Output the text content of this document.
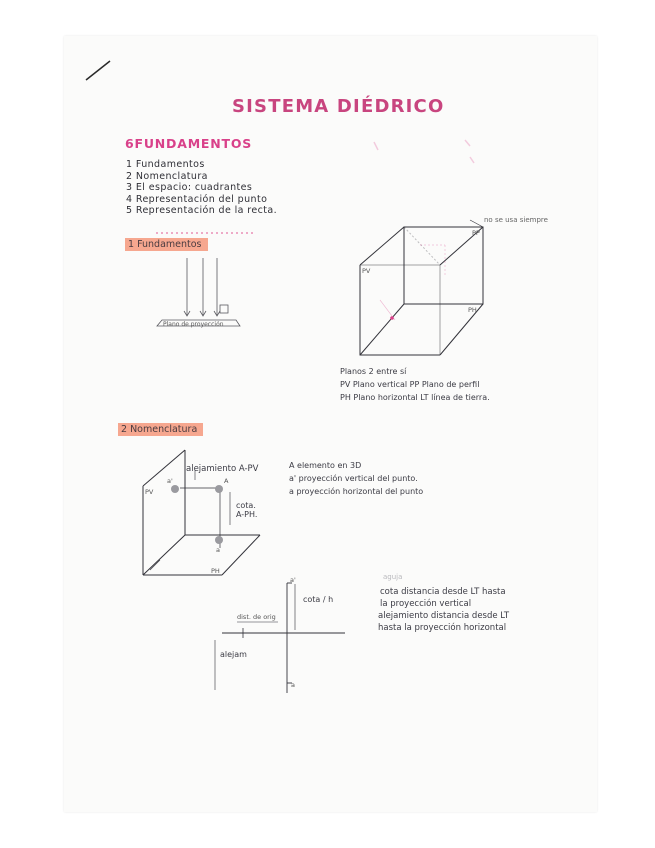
SISTEMA DIÉDRICO
6FUNDAMENTOS
1 Fundamentos
2 Nomenclatura
3 El espacio: cuadrantes
4 Representación del punto
5 Representación de la recta.
1 Fundamentos
Plano de proyección
no se usa siempre
PP
PV
PH
Planos 2 entre sí
PV Plano vertical PP Plano de perfil
PH Plano horizontal LT línea de tierra.
2 Nomenclatura
alejamiento A-PV
cota.
A-PH.
PV
PH
a'	A
a
A elemento en 3D
a' proyección vertical del punto.
a proyección horizontal del punto
a'
cota / h
dist. de orig
alejam
a
aguja
cota distancia desde LT hasta
la proyección vertical
alejamiento distancia desde LT
hasta la proyección horizontal
